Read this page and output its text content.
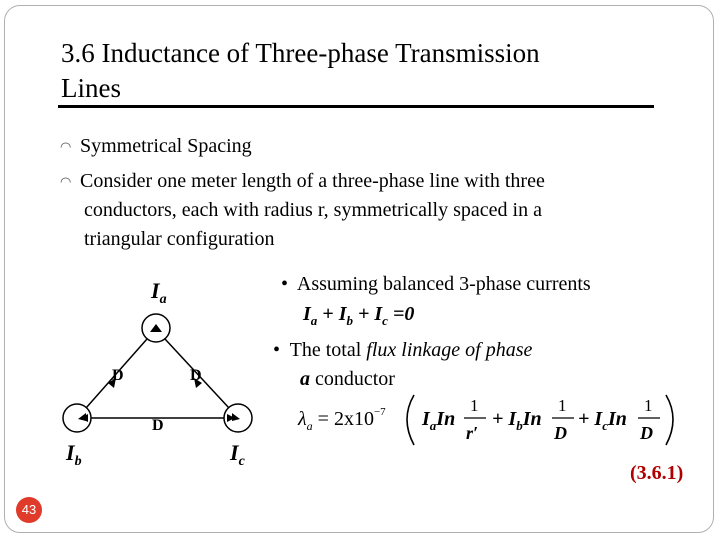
3.6 Inductance of Three-phase Transmission
Lines
◠ Symmetrical Spacing
◠ Consider one meter length of a three-phase line with three
conductors, each with radius r, symmetrically spaced in a
triangular configuration
$I_a$
$I_b$	$I_c$
D	D
D
•  Assuming balanced 3-phase currents
$I_a + I_b + I_c =0$
•  The total flux linkage of phase
a conductor
$\lambda_a = 2x10^{-7}$ $I_aIn$
1
r′
+ $I_bIn$
1
D
+ $I_cIn$
1
D
(3.6.1)
43
